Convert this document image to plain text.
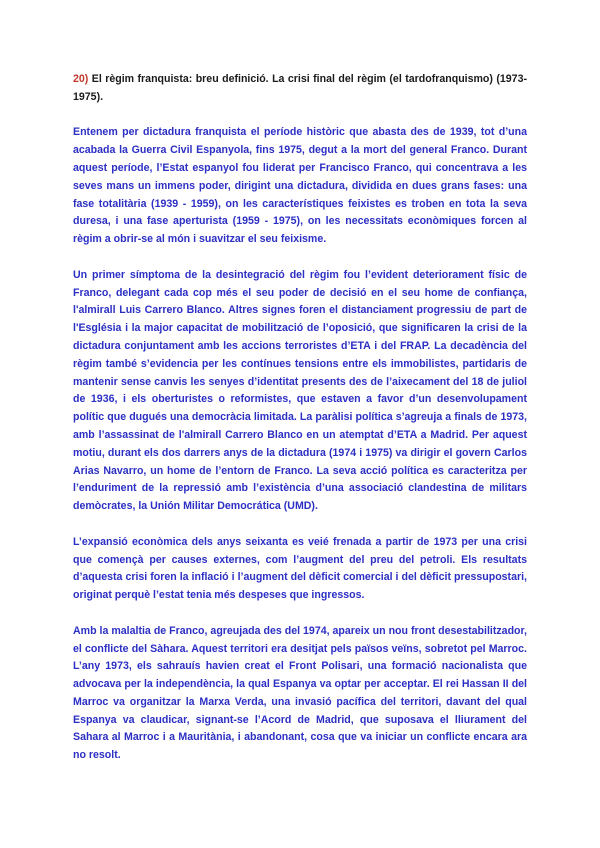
20) El règim franquista: breu definició. La crisi final del règim (el tardofranquismo) (1973-1975).
Entenem per dictadura franquista el període històric que abasta des de 1939, tot d’una acabada la Guerra Civil Espanyola, fins 1975, degut a la mort del general Franco. Durant aquest període, l’Estat espanyol fou liderat per Francisco Franco, qui concentrava a les seves mans un immens poder, dirigint una dictadura, dividida en dues grans fases: una fase totalitària (1939 - 1959), on les característiques feixistes es troben en tota la seva duresa, i una fase aperturista (1959 - 1975), on les necessitats econòmiques forcen al règim a obrir-se al món i suavitzar el seu feixisme.
Un primer símptoma de la desintegració del règim fou l’evident deteriorament físic de Franco, delegant cada cop més el seu poder de decisió en el seu home de confiança, l'almirall Luis Carrero Blanco. Altres signes foren el distanciament progressiu de part de l'Església i la major capacitat de mobilització de l’oposició, que significaren la crisi de la dictadura conjuntament amb les accions terroristes d’ETA i del FRAP. La decadència del règim també s’evidencia per les contínues tensions entre els immobilistes, partidaris de mantenir sense canvis les senyes d’identitat presents des de l’aixecament del 18 de juliol de 1936, i els oberturistes o reformistes, que estaven a favor d’un desenvolupament polític que dugués una democràcia limitada. La paràlisi política s’agreuja a finals de 1973, amb l’assassinat de l'almirall Carrero Blanco en un atemptat d’ETA a Madrid. Per aquest motiu, durant els dos darrers anys de la dictadura (1974 i 1975) va dirigir el govern Carlos Arias Navarro, un home de l’entorn de Franco. La seva acció política es caracteritza per l’enduriment de la repressió amb l’existència d’una associació clandestina de militars demòcrates, la Unión Militar Democrática (UMD).
L’expansió econòmica dels anys seixanta es veié frenada a partir de 1973 per una crisi que començà per causes externes, com l’augment del preu del petroli. Els resultats d’aquesta crisi foren la inflació i l’augment del dèficit comercial i del dèficit pressupostari, originat perquè l’estat tenia més despeses que ingressos.
Amb la malaltia de Franco, agreujada des del 1974, apareix un nou front desestabilitzador, el conflicte del Sàhara. Aquest territori era desitjat pels països veïns, sobretot pel Marroc. L’any 1973, els sahrauís havien creat el Front Polisari, una formació nacionalista que advocava per la independència, la qual Espanya va optar per acceptar. El rei Hassan II del Marroc va organitzar la Marxa Verda, una invasió pacífica del territori, davant del qual Espanya va claudicar, signant-se l’Acord de Madrid, que suposava el lliurament del Sahara al Marroc i a Mauritània, i abandonant, cosa que va iniciar un conflicte encara ara no resolt.
